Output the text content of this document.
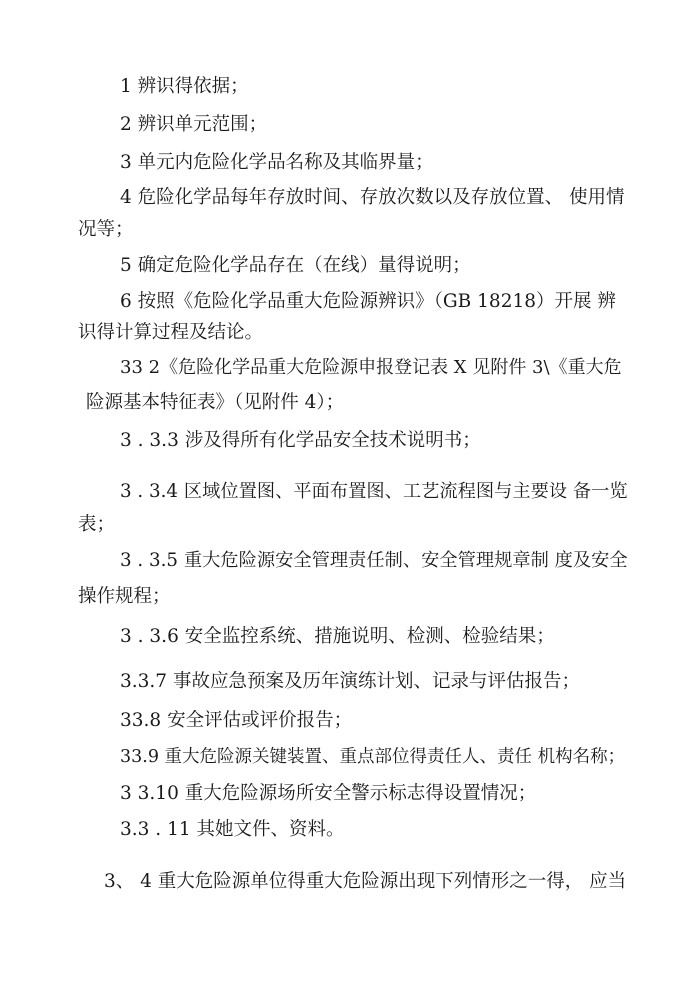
1 辨识得依据；

2 辨识单元范围；

3 单元内危险化学品名称及其临界量；

4 危险化学品每年存放时间、存放次数以及存放位置、 使用情

况等；

5 确定危险化学品存在（在线）量得说明；

6 按照《危险化学品重大危险源辨识》（GB 18218）开展 辨

识得计算过程及结论。

33 2《危险化学品重大危险源申报登记表 X 见附件 3\《重大危

险源基本特征表》（见附件 4）；

3 . 3.3 涉及得所有化学品安全技术说明书；

3 . 3.4 区域位置图、平面布置图、工艺流程图与主要设 备一览

表；

3 . 3.5 重大危险源安全管理责任制、安全管理规章制 度及安全

操作规程；

3 . 3.6 安全监控系统、措施说明、检测、检验结果；

3.3.7 事故应急预案及历年演练计划、记录与评估报告；

33.8 安全评估或评价报告；

33.9 重大危险源关键装置、重点部位得责任人、责任 机构名称；

3 3.10 重大危险源场所安全警示标志得设置情况；

3.3 . 11 其她文件、资料。

3、 4 重大危险源单位得重大危险源出现下列情形之一得， 应当
